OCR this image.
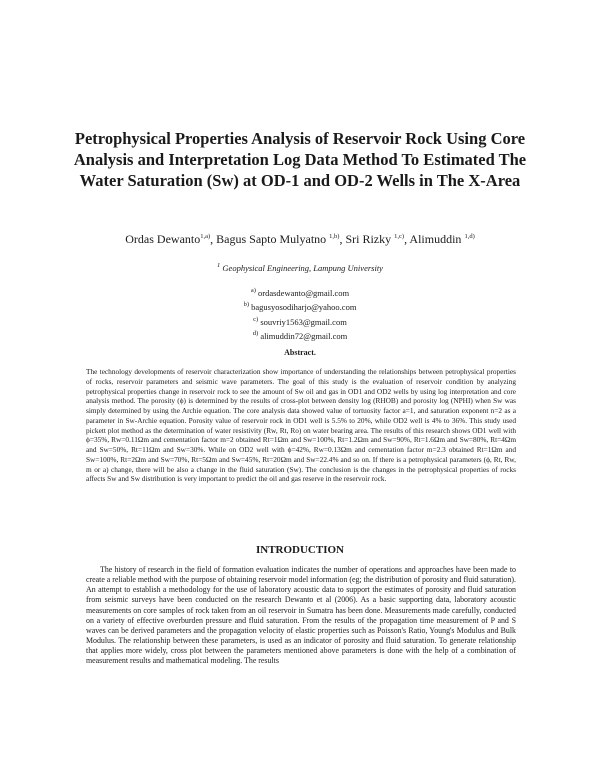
Petrophysical Properties Analysis of Reservoir Rock Using Core Analysis and Interpretation Log Data Method To Estimated The Water Saturation (Sw) at OD-1 and OD-2 Wells in The X-Area

Ordas Dewanto$^{1,a)}$, Bagus Sapto Mulyatno $^{1,b)}$, Sri Rizky $^{1,c)}$, Alimuddin $^{1,d)}$

$^1$ Geophysical Engineering, Lampung University

$^{a)}$ ordasdewanto@gmail.com
$^{b)}$ bagusyosodiharjo@yahoo.com
$^{c)}$ souvriy1563@gmail.com
$^{d)}$ alimuddin72@gmail.com
Abstract.

The technology developments of reservoir characterization show importance of understanding the relationships between petrophysical properties of rocks, reservoir parameters and seismic wave parameters. The goal of this study is the evaluation of reservoir condition by analyzing petrophysical properties change in reservoir rock to see the amount of Sw oil and gas in OD1 and OD2 wells by using log interpretation and core analysis method. The porosity (ϕ) is determined by the results of cross-plot between density log (RHOB) and porosity log (NPHI) when Sw was simply determined by using the Archie equation. The core analysis data showed value of tortuosity factor a=1, and saturation exponent n=2 as a parameter in Sw-Archie equation. Porosity value of reservoir rock in OD1 well is 5.5% to 20%, while OD2 well is 4% to 36%. This study used pickett plot method as the determination of water resistivity (Rw, Rt, Ro) on water bearing area. The results of this research shows OD1 well with ϕ=35%, Rw=0.11Ωm and cementation factor m=2 obtained Rt=1Ωm and Sw=100%, Rt=1.2Ωm and Sw=90%, Rt=1.6Ωm and Sw=80%, Rt=4Ωm and Sw=50%, Rt=11Ωm and Sw=30%. While on OD2 well with ϕ=42%, Rw=0.13Ωm and cementation factor m=2.3 obtained Rt=1Ωm and Sw=100%, Rt=2Ωm and Sw=70%, Rt=5Ωm and Sw=45%, Rt=20Ωm and Sw=22.4% and so on. If there is a petrophysical parameters (ϕ, Rt, Rw, m or a) change, there will be also a change in the fluid saturation (Sw). The conclusion is the changes in the petrophysical properties of rocks affects Sw and Sw distribution is very important to predict the oil and gas reserve in the reservoir rock.

INTRODUCTION

The history of research in the field of formation evaluation indicates the number of operations and approaches have been made to create a reliable method with the purpose of obtaining reservoir model information (eg; the distribution of porosity and fluid saturation). An attempt to establish a methodology for the use of laboratory acoustic data to support the estimates of porosity and fluid saturation from seismic surveys have been conducted on the research Dewanto et al (2006). As a basic supporting data, laboratory acoustic measurements on core samples of rock taken from an oil reservoir in Sumatra has been done. Measurements made carefully, conducted on a variety of effective overburden pressure and fluid saturation. From the results of the propagation time measurement of P and S waves can be derived parameters and the propagation velocity of elastic properties such as Poisson's Ratio, Young's Modulus and Bulk Modulus. The relationship between these parameters, is used as an indicator of porosity and fluid saturation. To generate relationship that applies more widely, cross plot between the parameters mentioned above parameters is done with the help of a combination of measurement results and mathematical modeling. The results
